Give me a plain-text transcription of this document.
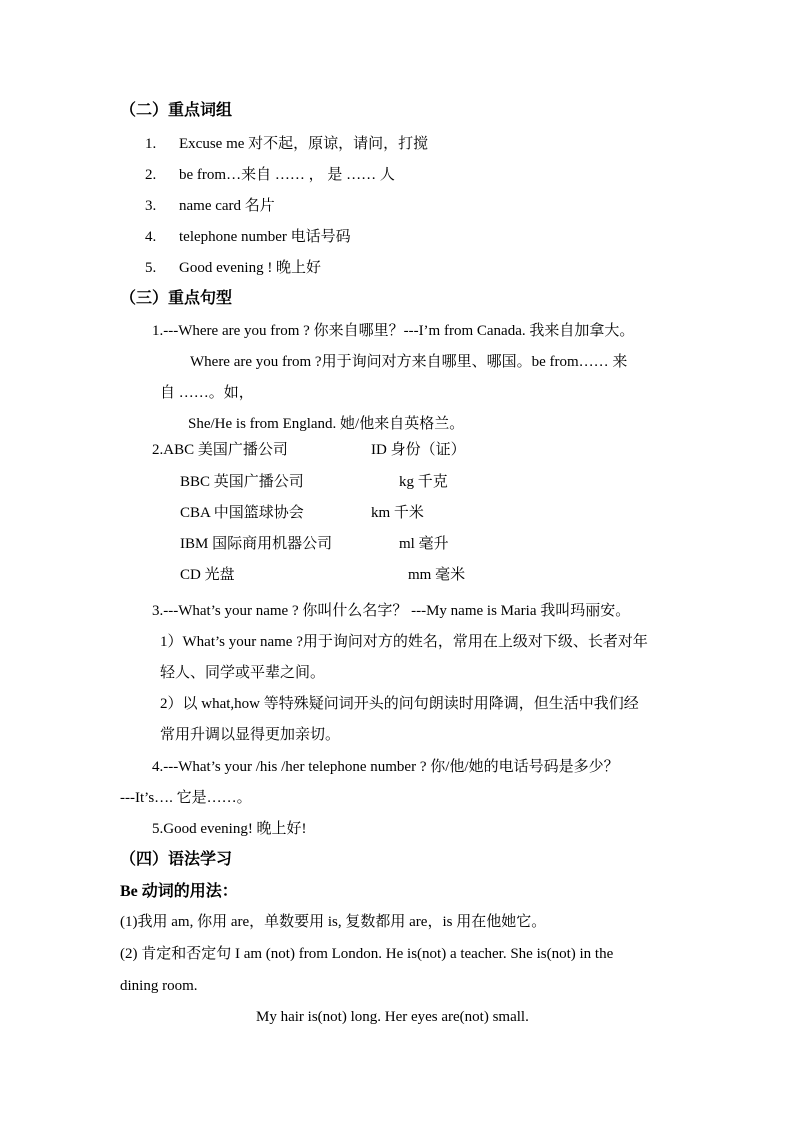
（二）重点词组
1. Excuse me 对不起，原谅，请问，打搅
2. be from…来自 …… ， 是 …… 人
3. name card 名片
4. telephone number 电话号码
5. Good evening ! 晚上好
（三）重点句型
1.---Where are you from ? 你来自哪里？---I’m from Canada. 我来自加拿大。
Where are you from ?用于询问对方来自哪里、哪国。be from…… 来
自 ……。如，
She/He is from England. 她/他来自英格兰。
2.ABC 美国广播公司	ID 身份（证）
BBC 英国广播公司	kg 千克
CBA 中国篮球协会	km 千米
IBM 国际商用机器公司	ml 毫升
CD 光盘	mm 毫米
3.---What’s your name ? 你叫什么名字？ ---My name is Maria 我叫玛丽安。
1）What’s your name ?用于询问对方的姓名，常用在上级对下级、长者对年
轻人、同学或平辈之间。
2）以 what,how 等特殊疑问词开头的问句朗读时用降调，但生活中我们经
常用升调以显得更加亲切。
4.---What’s your /his /her telephone number ? 你/他/她的电话号码是多少？
---It’s…. 它是……。
5.Good evening! 晚上好!
（四）语法学习
Be 动词的用法：
(1)我用 am, 你用 are，单数要用 is, 复数都用 are，is 用在他她它。
(2) 肯定和否定句 I am (not) from London. He is(not) a teacher. She is(not) in the
dining room.
My hair is(not) long. Her eyes are(not) small.
